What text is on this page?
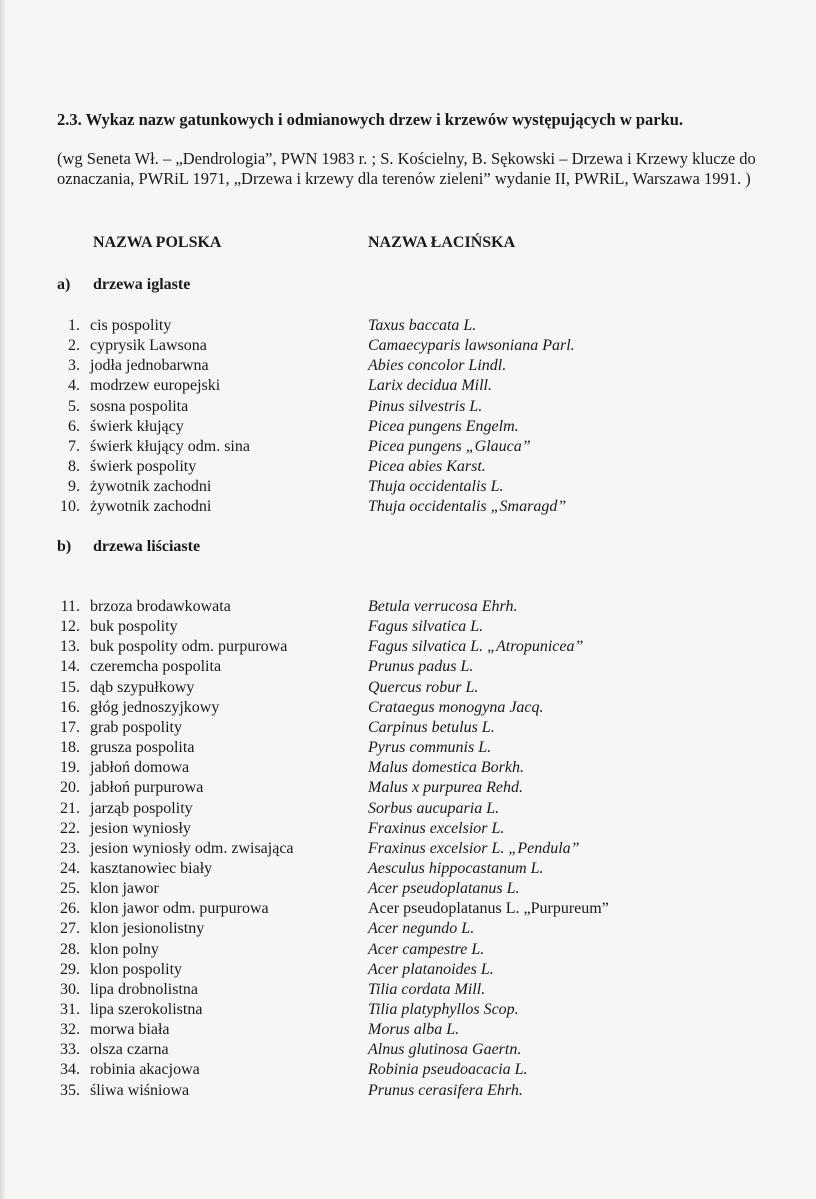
2.3. Wykaz nazw gatunkowych i odmianowych drzew i krzewów występujących w parku.
(wg Seneta Wł. – „Dendrologia”, PWN 1983 r. ; S. Kościelny, B. Sękowski – Drzewa i Krzewy klucze do oznaczania, PWRiL 1971, „Drzewa i krzewy dla terenów zieleni” wydanie II, PWRiL, Warszawa 1991. )
NAZWA POLSKA	NAZWA ŁACIŃSKA
a) drzewa iglaste
b) drzewa liściaste
1. cis pospolity	Taxus baccata L.
2. cyprysik Lawsona	Camaecyparis lawsoniana Parl.
3. jodła jednobarwna	Abies concolor Lindl.
4. modrzew europejski	Larix decidua Mill.
5. sosna pospolita	Pinus silvestris L.
6. świerk kłujący	Picea pungens Engelm.
7. świerk kłujący odm. sina	Picea pungens „Glauca”
8. świerk pospolity	Picea abies Karst.
9. żywotnik zachodni	Thuja occidentalis L.
10. żywotnik zachodni	Thuja occidentalis „Smaragd”
11. brzoza brodawkowata	Betula verrucosa Ehrh.
12. buk pospolity	Fagus silvatica L.
13. buk pospolity odm. purpurowa	Fagus silvatica L. „Atropunicea”
14. czeremcha pospolita	Prunus padus L.
15. dąb szypułkowy	Quercus robur L.
16. głóg jednoszyjkowy	Crataegus monogyna Jacq.
17. grab pospolity	Carpinus betulus L.
18. grusza pospolita	Pyrus communis L.
19. jabłoń domowa	Malus domestica Borkh.
20. jabłoń purpurowa	Malus x purpurea Rehd.
21. jarząb pospolity	Sorbus aucuparia L.
22. jesion wyniosły	Fraxinus excelsior L.
23. jesion wyniosły odm. zwisająca	Fraxinus excelsior L. „Pendula”
24. kasztanowiec biały	Aesculus hippocastanum L.
25. klon jawor	Acer pseudoplatanus L.
26. klon jawor odm. purpurowa	Acer pseudoplatanus L. „Purpureum”
27. klon jesionolistny	Acer negundo L.
28. klon polny	Acer campestre L.
29. klon pospolity	Acer platanoides L.
30. lipa drobnolistna	Tilia cordata Mill.
31. lipa szerokolistna	Tilia platyphyllos Scop.
32. morwa biała	Morus alba L.
33. olsza czarna	Alnus glutinosa Gaertn.
34. robinia akacjowa	Robinia pseudoacacia L.
35. śliwa wiśniowa	Prunus cerasifera Ehrh.
